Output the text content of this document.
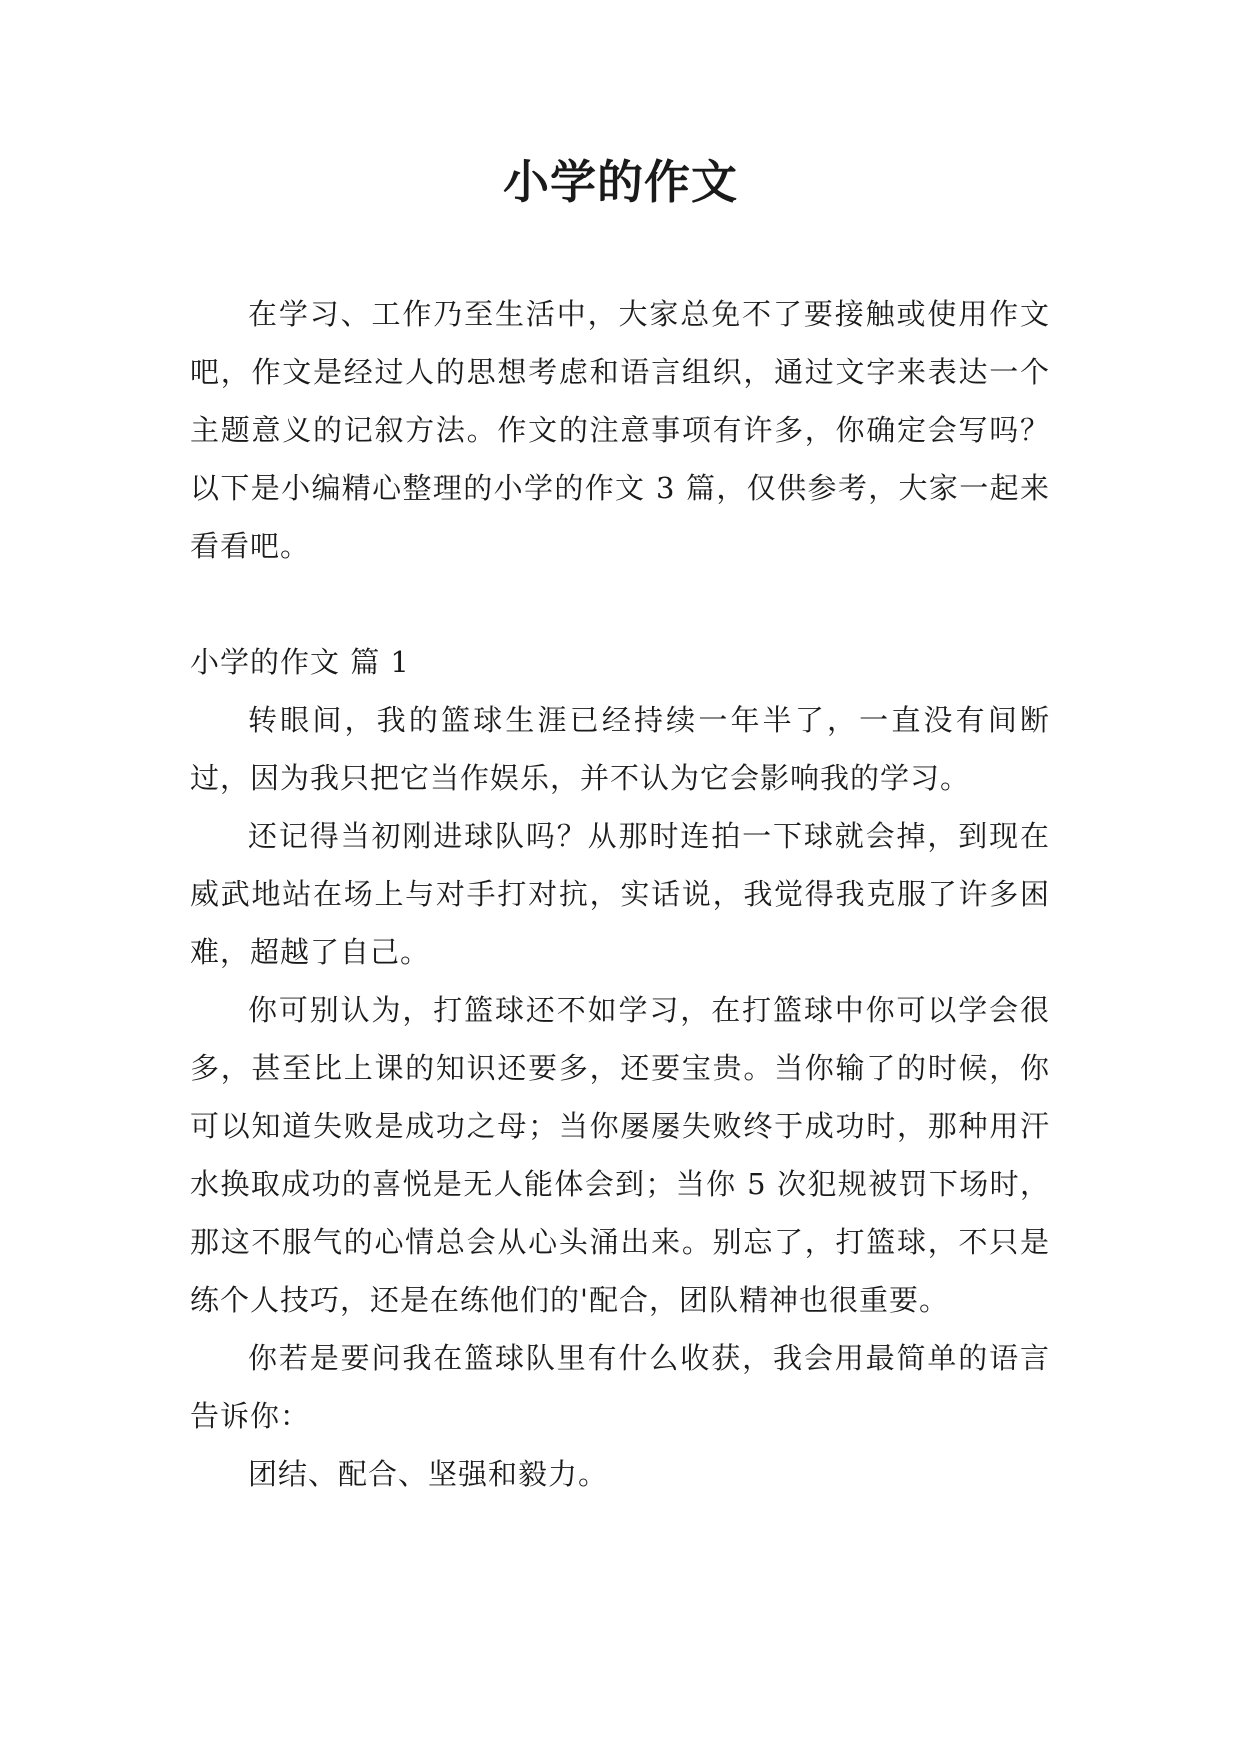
小学的作文

在学习、工作乃至生活中，大家总免不了要接触或使用作文吧，作文是经过人的思想考虑和语言组织，通过文字来表达一个主题意义的记叙方法。作文的注意事项有许多，你确定会写吗？以下是小编精心整理的小学的作文 3 篇，仅供参考，大家一起来看看吧。

小学的作文 篇 1

转眼间，我的篮球生涯已经持续一年半了，一直没有间断过，因为我只把它当作娱乐，并不认为它会影响我的学习。

还记得当初刚进球队吗？从那时连拍一下球就会掉，到现在威武地站在场上与对手打对抗，实话说，我觉得我克服了许多困难，超越了自己。

你可别认为，打篮球还不如学习，在打篮球中你可以学会很多，甚至比上课的知识还要多，还要宝贵。当你输了的时候，你可以知道失败是成功之母；当你屡屡失败终于成功时，那种用汗水换取成功的喜悦是无人能体会到；当你 5 次犯规被罚下场时，那这不服气的心情总会从心头涌出来。别忘了，打篮球，不只是练个人技巧，还是在练他们的'配合，团队精神也很重要。

你若是要问我在篮球队里有什么收获，我会用最简单的语言告诉你：

团结、配合、坚强和毅力。
